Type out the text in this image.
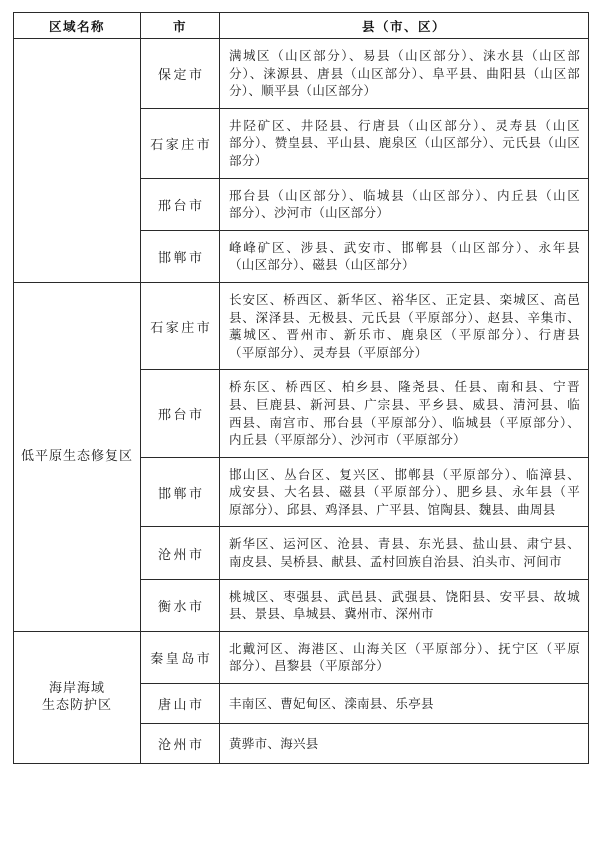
区域名称	市	县（市、区）
	保定市	满城区（山区部分）、易县（山区部分）、涞水县（山区部
分）、涞源县、唐县（山区部分）、阜平县、曲阳县（山区部
分）、顺平县（山区部分）

	石家庄市	井陉矿区、井陉县、行唐县（山区部分）、灵寿县（山区
部分）、赞皇县、平山县、鹿泉区（山区部分）、元氏县（山区
部分）

	邢台市	邢台县（山区部分）、临城县（山区部分）、内丘县（山区
部分）、沙河市（山区部分）

	邯郸市	峰峰矿区、涉县、武安市、邯郸县（山区部分）、永年县
（山区部分）、磁县（山区部分）

低平原生态修复区	石家庄市	长安区、桥西区、新华区、裕华区、正定县、栾城区、高邑
县、深泽县、无极县、元氏县（平原部分）、赵县、辛集市、
藁城区、晋州市、新乐市、鹿泉区（平原部分）、行唐县
（平原部分）、灵寿县（平原部分）

	邢台市	桥东区、桥西区、柏乡县、隆尧县、任县、南和县、宁晋
县、巨鹿县、新河县、广宗县、平乡县、威县、清河县、临
西县、南宫市、邢台县（平原部分）、临城县（平原部分）、
内丘县（平原部分）、沙河市（平原部分）

	邯郸市	邯山区、丛台区、复兴区、邯郸县（平原部分）、临漳县、
成安县、大名县、磁县（平原部分）、肥乡县、永年县（平
原部分）、邱县、鸡泽县、广平县、馆陶县、魏县、曲周县

	沧州市	新华区、运河区、沧县、青县、东光县、盐山县、肃宁县、
南皮县、吴桥县、献县、孟村回族自治县、泊头市、河间市

	衡水市	桃城区、枣强县、武邑县、武强县、饶阳县、安平县、故城
县、景县、阜城县、冀州市、深州市

海岸海域
生态防护区	秦皇岛市	北戴河区、海港区、山海关区（平原部分）、抚宁区（平原
部分）、昌黎县（平原部分）

	唐山市	丰南区、曹妃甸区、滦南县、乐亭县

	沧州市	黄骅市、海兴县
